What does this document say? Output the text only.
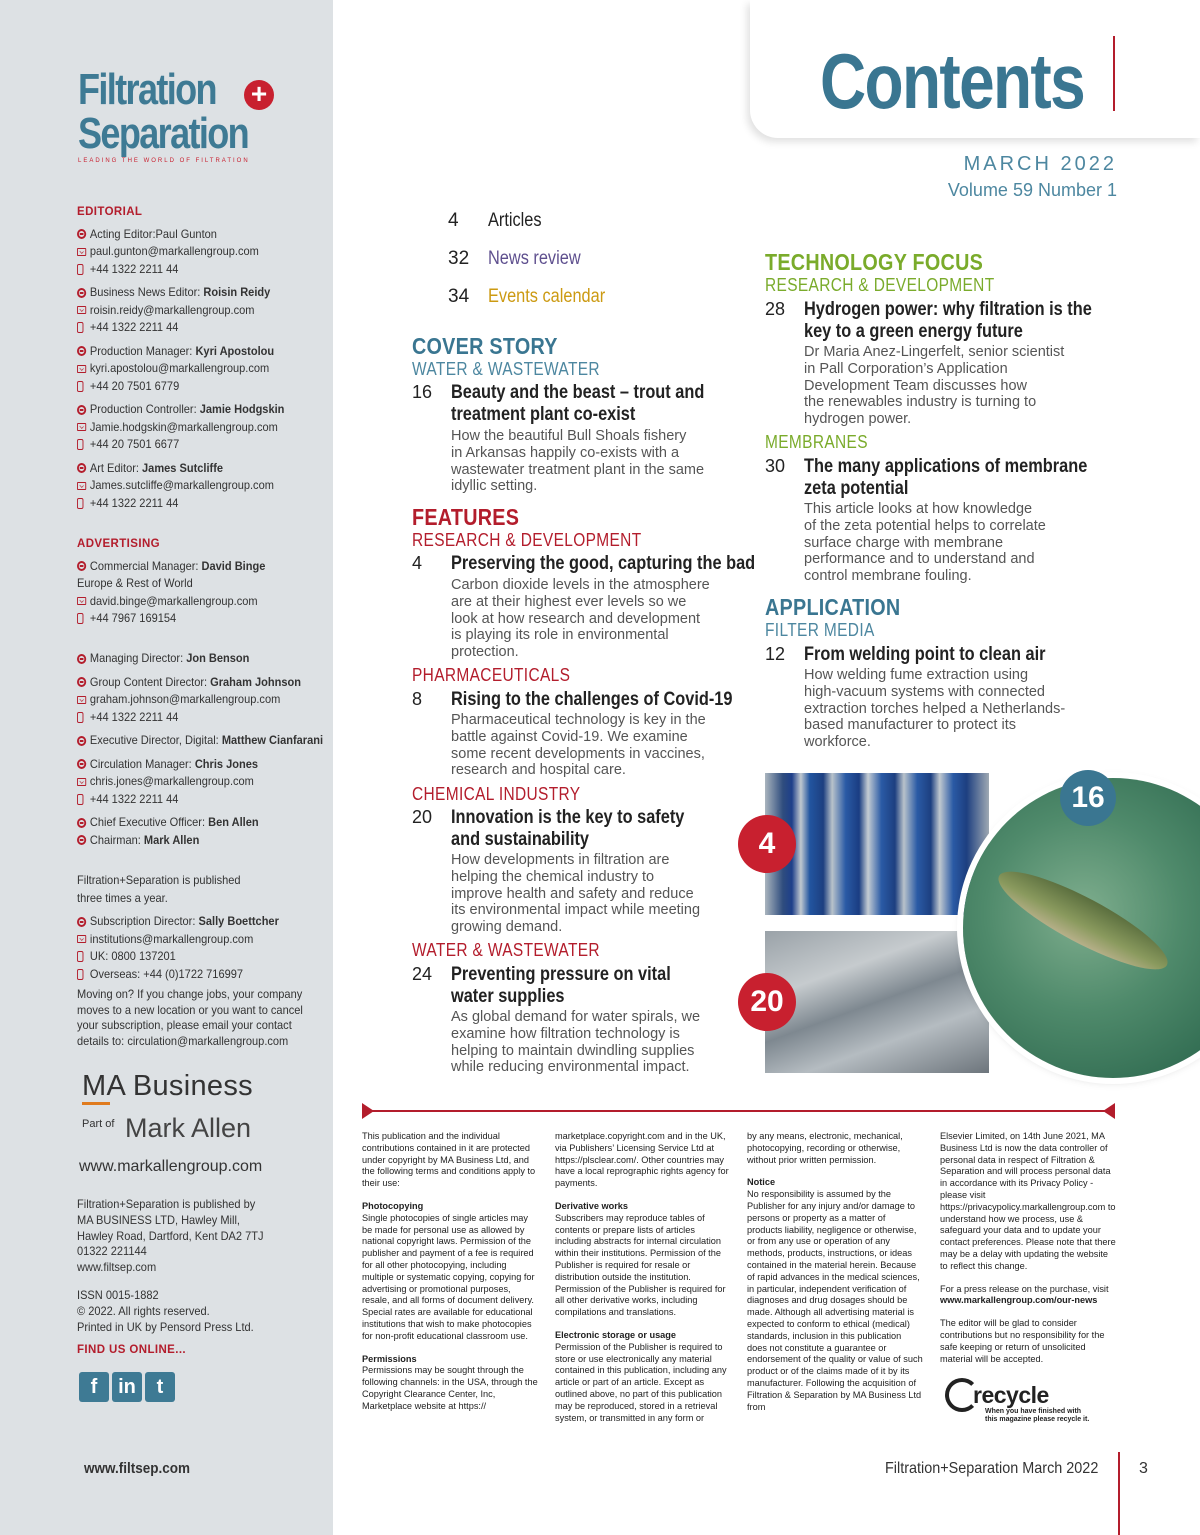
Filtration	+
Separation
LEADING THE WORLD OF FILTRATION
EDITORIAL
Acting Editor: Paul Gunton
paul.gunton@markallengroup.com
+44 1322 2211 44
Business News Editor:
Roisin Reidy
roisin.reidy@markallengroup.com
+44 1322 2211 44
Production Manager:
Kyri Apostolou
kyri.apostolou@markallengroup.com
+44 20 7501 6779
Production Controller:
Jamie Hodgskin
Jamie.hodgskin@markallengroup.com
+44 20 7501 6677
Art Editor:
James Sutcliffe
James.sutcliffe@markallengroup.com
+44 1322 2211 44
ADVERTISING
Commercial Manager:
David Binge
Europe & Rest of World
david.binge@markallengroup.com
+44 7967 169154
Managing Director:
Jon Benson
Group Content Director:
Graham Johnson
graham.johnson@markallengroup.com
+44 1322 2211 44
Executive Director, Digital:
Matthew Cianfarani
Circulation Manager:
Chris Jones
chris.jones@markallengroup.com
+44 1322 2211 44
Chief Executive Officer:
Ben Allen
Chairman:
Mark Allen
Filtration+Separation is published
three times a year.
Subscription Director:
Sally Boettcher
institutions@markallengroup.com
UK: 0800 137201
Overseas: +44 (0)1722 716997
Moving on? If you change jobs, your company
moves to a new location or you want to cancel
your subscription, please email your contact
details to: circulation@markallengroup.com
MA Business
Part of Mark Allen
www.markallengroup.com
Filtration+Separation is published by
MA BUSINESS LTD, Hawley Mill,
Hawley Road, Dartford, Kent DA2 7TJ
01322 221144
www.filtsep.com
ISSN 0015-1882
© 2022. All rights reserved.
Printed in UK by Pensord Press Ltd.
FIND US ONLINE...
f	in	t
www.filtsep.com
Contents
MARCH 2022
Volume 59 Number 1
4 Articles
32 News review
34 Events calendar
COVER STORY
WATER & WASTEWATER
16 Beauty and the beast – trout andtreatment plant co-exist
How the beautiful Bull Shoals fishery
in Arkansas happily co-exists with a
wastewater treatment plant in the same
idyllic setting.
FEATURES
RESEARCH & DEVELOPMENT
4 Preserving the good, capturing the bad
Carbon dioxide levels in the atmosphere
are at their highest ever levels so we
look at how research and development
is playing its role in environmental
protection.
PHARMACEUTICALS
8 Rising to the challenges of Covid-19
Pharmaceutical technology is key in the
battle against Covid-19. We examine
some recent developments in vaccines,
research and hospital care.
CHEMICAL INDUSTRY
20 Innovation is the key to safetyand sustainability
How developments in filtration are
helping the chemical industry to
improve health and safety and reduce
its environmental impact while meeting
growing demand.
WATER & WASTEWATER
24 Preventing pressure on vitalwater supplies
As global demand for water spirals, we
examine how filtration technology is
helping to maintain dwindling supplies
while reducing environmental impact.
TECHNOLOGY FOCUS
RESEARCH & DEVELOPMENT
28 Hydrogen power: why filtration is thekey to a green energy future
Dr Maria Anez-Lingerfelt, senior scientist
in Pall Corporation’s Application
Development Team discusses how
the renewables industry is turning to
hydrogen power.
MEMBRANES
30 The many applications of membranezeta potential
This article looks at how knowledge
of the zeta potential helps to correlate
surface charge with membrane
performance and to understand and
control membrane fouling.
APPLICATION
FILTER MEDIA
12 From welding point to clean air
How welding fume extraction using
high-vacuum systems with connected
extraction torches helped a Netherlands-
based manufacturer to protect its
workforce.
4
20
16

This publication and the individual contributions contained in it are protected under copyright by MA Business Ltd, and the following terms and conditions apply to their use:

Photocopying
Single photocopies of single articles may be made for personal use as allowed by national copyright laws. Permission of the publisher and payment of a fee is required for all other photocopying, including multiple or systematic copying, copying for advertising or promotional purposes, resale, and all forms of document delivery. Special rates are available for educational institutions that wish to make photocopies for non-profit educational classroom use.

Permissions
Permissions may be sought through the following channels: in the USA, through the Copyright Clearance Center, Inc, Marketplace website at https://

marketplace.copyright.com and in the UK, via Publishers’ Licensing Service Ltd at https://plsclear.com/. Other countries may have a local reprographic rights agency for payments.

Derivative works
Subscribers may reproduce tables of contents or prepare lists of articles including abstracts for internal circulation within their institutions. Permission of the Publisher is required for resale or distribution outside the institution. Permission of the Publisher is required for all other derivative works, including compilations and translations.

Electronic storage or usage
Permission of the Publisher is required to store or use electronically any material contained in this publication, including any article or part of an article. Except as outlined above, no part of this publication may be reproduced, stored in a retrieval system, or transmitted in any form or

by any means, electronic, mechanical, photocopying, recording or otherwise, without prior written permission.

Notice
No responsibility is assumed by the Publisher for any injury and/or damage to persons or property as a matter of products liability, negligence or otherwise, or from any use or operation of any methods, products, instructions, or ideas contained in the material herein. Because of rapid advances in the medical sciences, in particular, independent verification of diagnoses and drug dosages should be made. Although all advertising material is expected to conform to ethical (medical) standards, inclusion in this publication does not constitute a guarantee or endorsement of the quality or value of such product or of the claims made of it by its manufacturer. Following the acquisition of Filtration & Separation by MA Business Ltd from

Elsevier Limited, on 14th June 2021, MA Business Ltd is now the data controller of personal data in respect of Filtration & Separation and will process personal data in accordance with its Privacy Policy - please visit https://privacypolicy.markallengroup.com to understand how we process, use & safeguard your data and to update your contact preferences. Please note that there may be a delay with updating the website to reflect this change.

For a press release on the purchase, visit

www.markallengroup.com/our-news

The editor will be glad to consider contributions but no responsibility for the safe keeping or return of unsolicited material will be accepted.

recycle
When you have finished with
this magazine please recycle it.
Filtration+Separation March 2022	3
